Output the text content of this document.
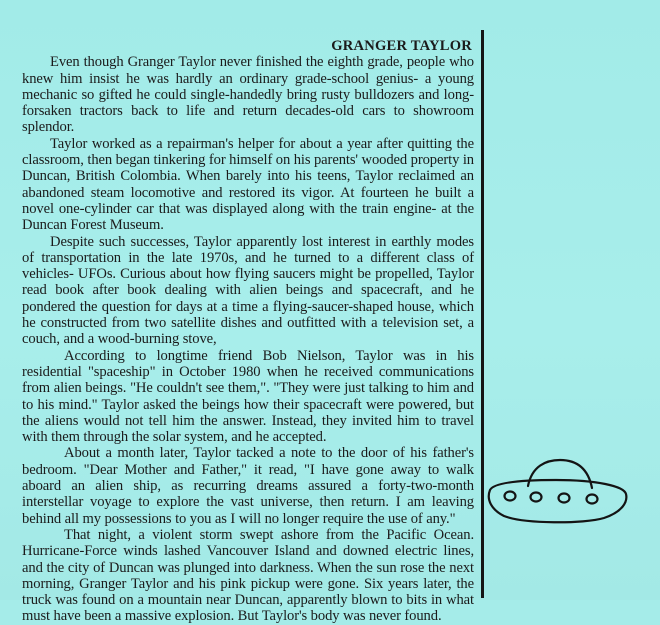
GRANGER TAYLOR

Even though Granger Taylor never finished the eighth grade, people who knew him insist he was hardly an ordinary grade-school genius- a young mechanic so gifted he could single-handedly bring rusty bulldozers and long-forsaken tractors back to life and return decades-old cars to showroom splendor.

Taylor worked as a repairman's helper for about a year after quitting the classroom, then began tinkering for himself on his parents' wooded property in Duncan, British Colombia. When barely into his teens, Taylor reclaimed an abandoned steam locomotive and restored its vigor. At fourteen he built a novel one-cylinder car that was displayed along with the train engine- at the Duncan Forest Museum.

Despite such successes, Taylor apparently lost interest in earthly modes of transportation in the late 1970s, and he turned to a different class of vehicles- UFOs. Curious about how flying saucers might be propelled, Taylor read book after book dealing with alien beings and spacecraft, and he pondered the question for days at a time a flying-saucer-shaped house, which he constructed from two satellite dishes and outfitted with a television set, a couch, and a wood-burning stove,

According to longtime friend Bob Nielson, Taylor was in his residential "spaceship" in October 1980 when he received communications from alien beings. "He couldn't see them,". "They were just talking to him and to his mind." Taylor asked the beings how their spacecraft were powered, but the aliens would not tell him the answer. Instead, they invited him to travel with them through the solar system, and he accepted.

About a month later, Taylor tacked a note to the door of his father's bedroom. "Dear Mother and Father," it read, "I have gone away to walk aboard an alien ship, as recurring dreams assured a forty-two-month interstellar voyage to explore the vast universe, then return. I am leaving behind all my possessions to you as I will no longer require the use of any."

That night, a violent storm swept ashore from the Pacific Ocean. Hurricane-Force winds lashed Vancouver Island and downed electric lines, and the city of Duncan was plunged into darkness. When the sun rose the next morning, Granger Taylor and his pink pickup were gone. Six years later, the truck was found on a mountain near Duncan, apparently blown to bits in what must have been a massive explosion. But Taylor's body was never found.
